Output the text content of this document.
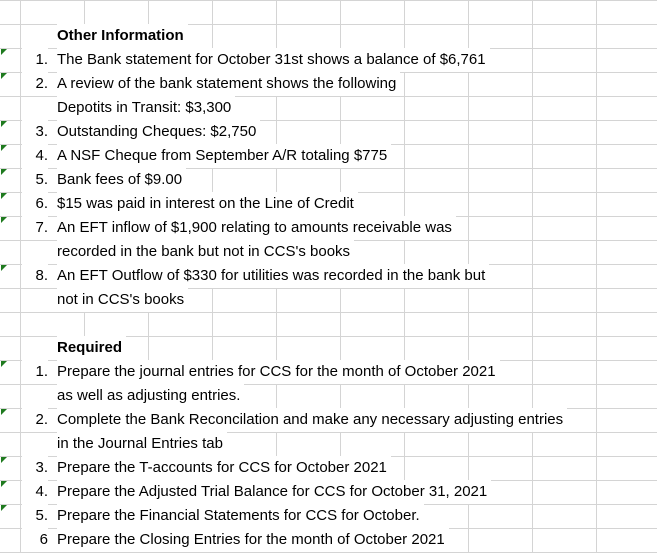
Other Information
1. The Bank statement for October 31st shows a balance of $6,761
2. A review of the bank statement shows the following
Depotits in Transit: $3,300
3. Outstanding Cheques: $2,750
4. A NSF Cheque from September A/R totaling $775
5. Bank fees of $9.00
6. $15 was paid in interest on the Line of Credit
7. An EFT inflow of $1,900 relating to amounts receivable was
recorded in the bank but not in CCS's books
8. An EFT Outflow of $330 for utilities was recorded in the bank but
not in CCS's books
Required
1. Prepare the journal entries for CCS for the month of October 2021
as well as adjusting entries.
2. Complete the Bank Reconcilation and make any necessary adjusting entries
in the Journal Entries tab
3. Prepare the T-accounts for CCS for October 2021
4. Prepare the Adjusted Trial Balance for CCS for October 31, 2021
5. Prepare the Financial Statements for CCS for October.
6 Prepare the Closing Entries for the month of October 2021
